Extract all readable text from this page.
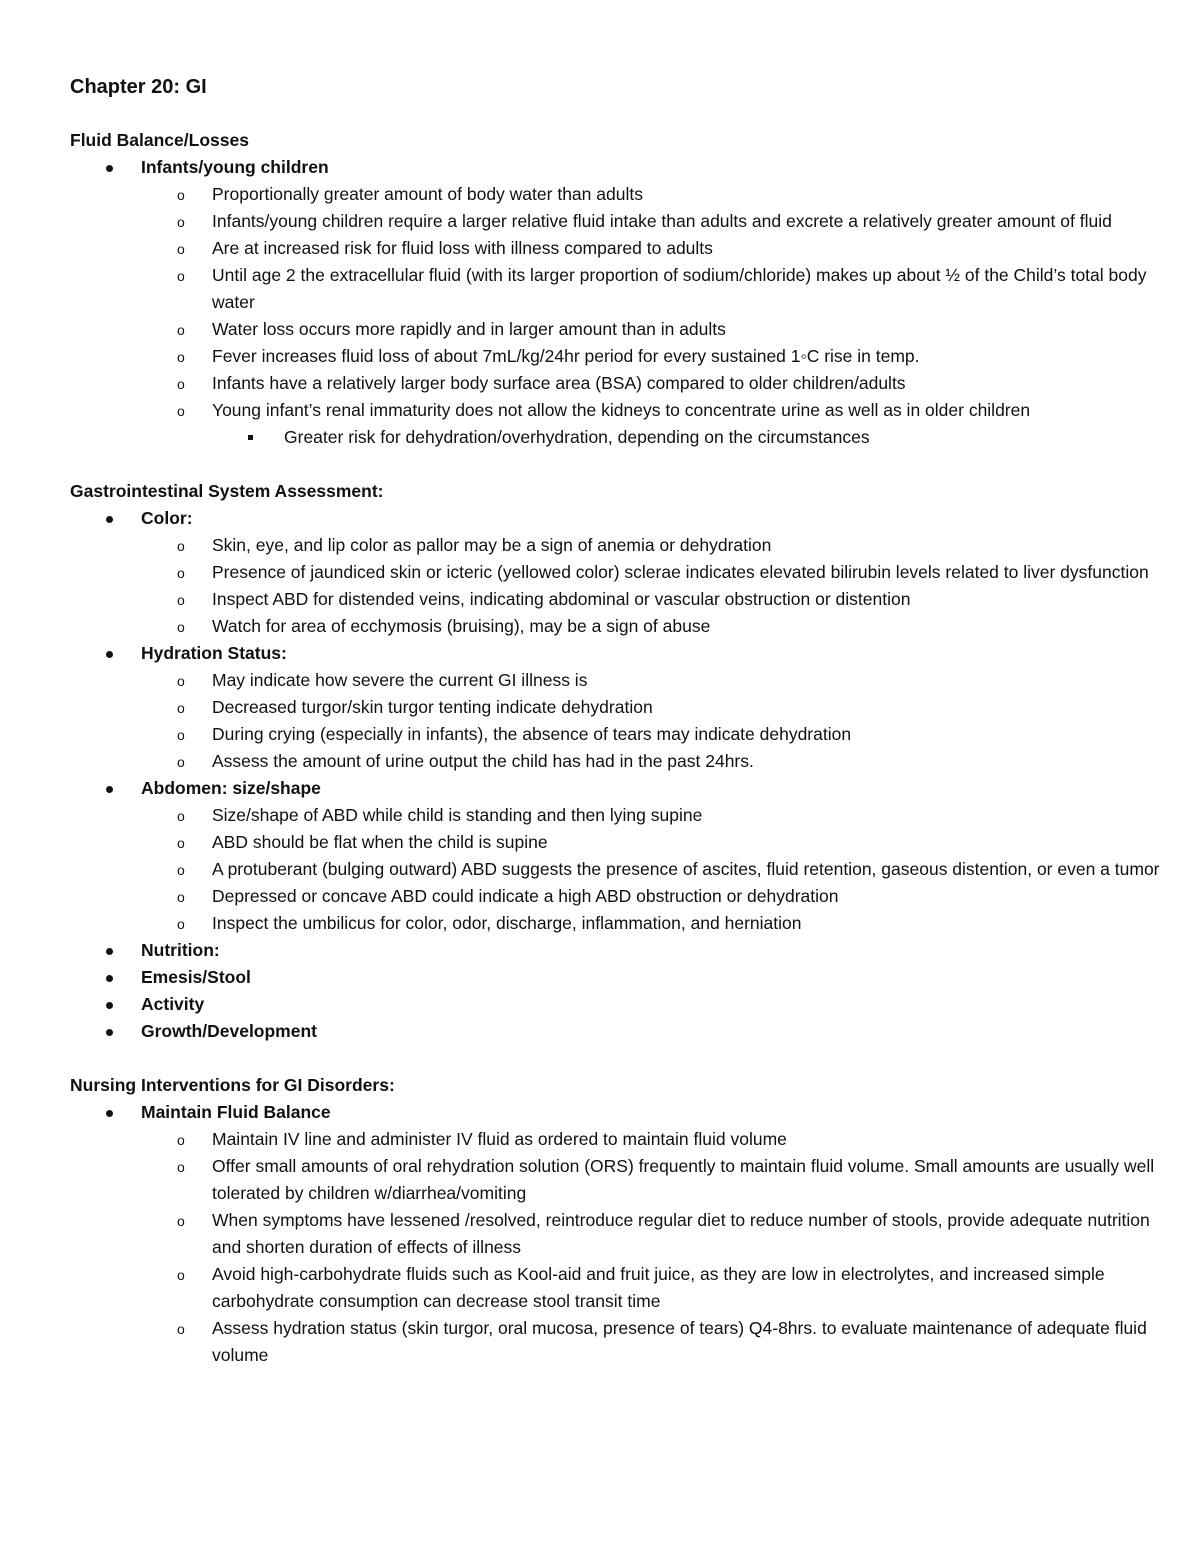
Chapter 20: GI
Fluid Balance/Losses
Infants/young children
o Proportionally greater amount of body water than adults
o Infants/young children require a larger relative fluid intake than adults and excrete a relatively greater amount of fluid
o Are at increased risk for fluid loss with illness compared to adults
o Until age 2 the extracellular fluid (with its larger proportion of sodium/chloride) makes up about ½ of the Child’s total body water
o Water loss occurs more rapidly and in larger amount than in adults
o Fever increases fluid loss of about 7mL/kg/24hr period for every sustained 1◦C rise in temp.
o Infants have a relatively larger body surface area (BSA) compared to older children/adults
o Young infant’s renal immaturity does not allow the kidneys to concentrate urine as well as in older children
Greater risk for dehydration/overhydration, depending on the circumstances
Gastrointestinal System Assessment:
Color:
o Skin, eye, and lip color as pallor may be a sign of anemia or dehydration
o Presence of jaundiced skin or icteric (yellowed color) sclerae indicates elevated bilirubin levels related to liver dysfunction
o Inspect ABD for distended veins, indicating abdominal or vascular obstruction or distention
o Watch for area of ecchymosis (bruising), may be a sign of abuse
Hydration Status:
o May indicate how severe the current GI illness is
o Decreased turgor/skin turgor tenting indicate dehydration
o During crying (especially in infants), the absence of tears may indicate dehydration
o Assess the amount of urine output the child has had in the past 24hrs.
Abdomen: size/shape
o Size/shape of ABD while child is standing and then lying supine
o ABD should be flat when the child is supine
o A protuberant (bulging outward) ABD suggests the presence of ascites, fluid retention, gaseous distention, or even a tumor
o Depressed or concave ABD could indicate a high ABD obstruction or dehydration
o Inspect the umbilicus for color, odor, discharge, inflammation, and herniation
Nutrition:
Emesis/Stool
Activity
Growth/Development
Nursing Interventions for GI Disorders:
Maintain Fluid Balance
o Maintain IV line and administer IV fluid as ordered to maintain fluid volume
o Offer small amounts of oral rehydration solution (ORS) frequently to maintain fluid volume. Small amounts are usually well tolerated by children w/diarrhea/vomiting
o When symptoms have lessened /resolved, reintroduce regular diet to reduce number of stools, provide adequate nutrition and shorten duration of effects of illness
o Avoid high-carbohydrate fluids such as Kool-aid and fruit juice, as they are low in electrolytes, and increased simple carbohydrate consumption can decrease stool transit time
o Assess hydration status (skin turgor, oral mucosa, presence of tears) Q4-8hrs. to evaluate maintenance of adequate fluid volume
